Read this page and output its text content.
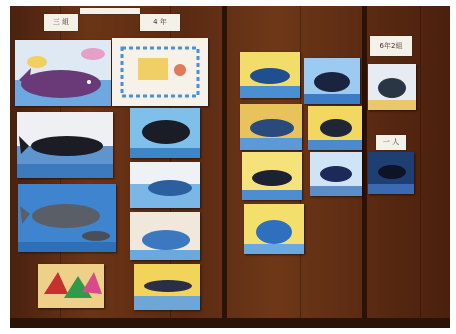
三 組	4 年
6年2組
一 人
